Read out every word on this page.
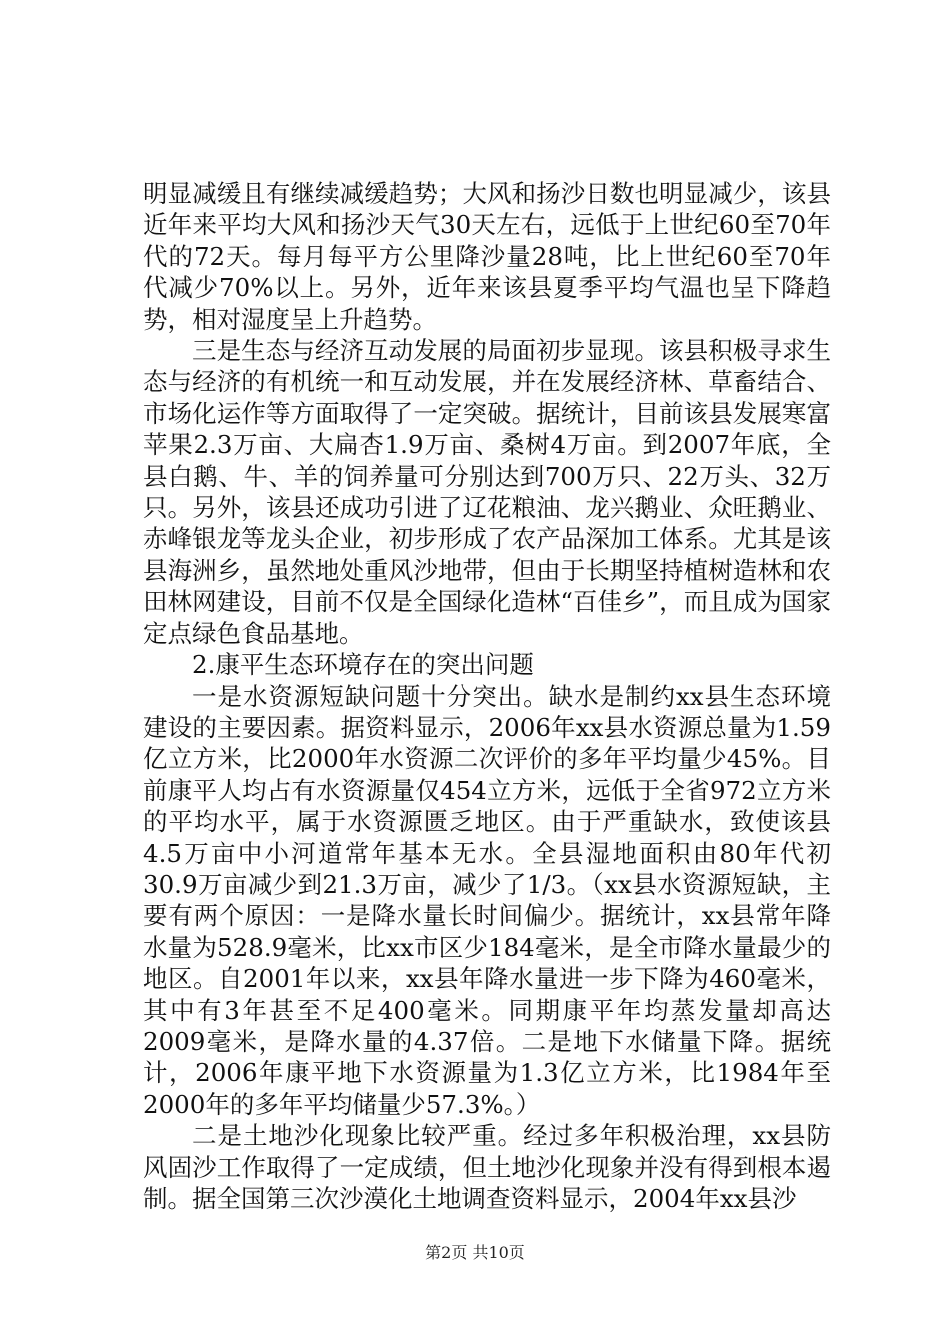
明显减缓且有继续减缓趋势；大风和扬沙日数也明显减少，该县近年来平均大风和扬沙天气30天左右，远低于上世纪60至70年代的72天。每月每平方公里降沙量28吨，比上世纪60至70年代减少70%以上。另外，近年来该县夏季平均气温也呈下降趋势，相对湿度呈上升趋势。

三是生态与经济互动发展的局面初步显现。该县积极寻求生态与经济的有机统一和互动发展，并在发展经济林、草畜结合、市场化运作等方面取得了一定突破。据统计，目前该县发展寒富苹果2.3万亩、大扁杏1.9万亩、桑树4万亩。到2007年底，全县白鹅、牛、羊的饲养量可分别达到700万只、22万头、32万只。另外，该县还成功引进了辽花粮油、龙兴鹅业、众旺鹅业、赤峰银龙等龙头企业，初步形成了农产品深加工体系。尤其是该县海洲乡，虽然地处重风沙地带，但由于长期坚持植树造林和农田林网建设，目前不仅是全国绿化造林“百佳乡”，而且成为国家定点绿色食品基地。

2.康平生态环境存在的突出问题

一是水资源短缺问题十分突出。缺水是制约xx县生态环境建设的主要因素。据资料显示，2006年xx县水资源总量为1.59亿立方米，比2000年水资源二次评价的多年平均量少45%。目前康平人均占有水资源量仅454立方米，远低于全省972立方米的平均水平，属于水资源匮乏地区。由于严重缺水，致使该县4.5万亩中小河道常年基本无水。全县湿地面积由80年代初30.9万亩减少到21.3万亩，减少了1/3。（xx县水资源短缺，主要有两个原因：一是降水量长时间偏少。据统计，xx县常年降水量为528.9毫米，比xx市区少184毫米，是全市降水量最少的地区。自2001年以来，xx县年降水量进一步下降为460毫米，其中有3年甚至不足400毫米。同期康平年均蒸发量却高达2009毫米，是降水量的4.37倍。二是地下水储量下降。据统计，2006年康平地下水资源量为1.3亿立方米，比1984年至2000年的多年平均储量少57.3%。）

二是土地沙化现象比较严重。经过多年积极治理，xx县防风固沙工作取得了一定成绩，但土地沙化现象并没有得到根本遏制。据全国第三次沙漠化土地调查资料显示，2004年xx县沙

第2页 共10页
